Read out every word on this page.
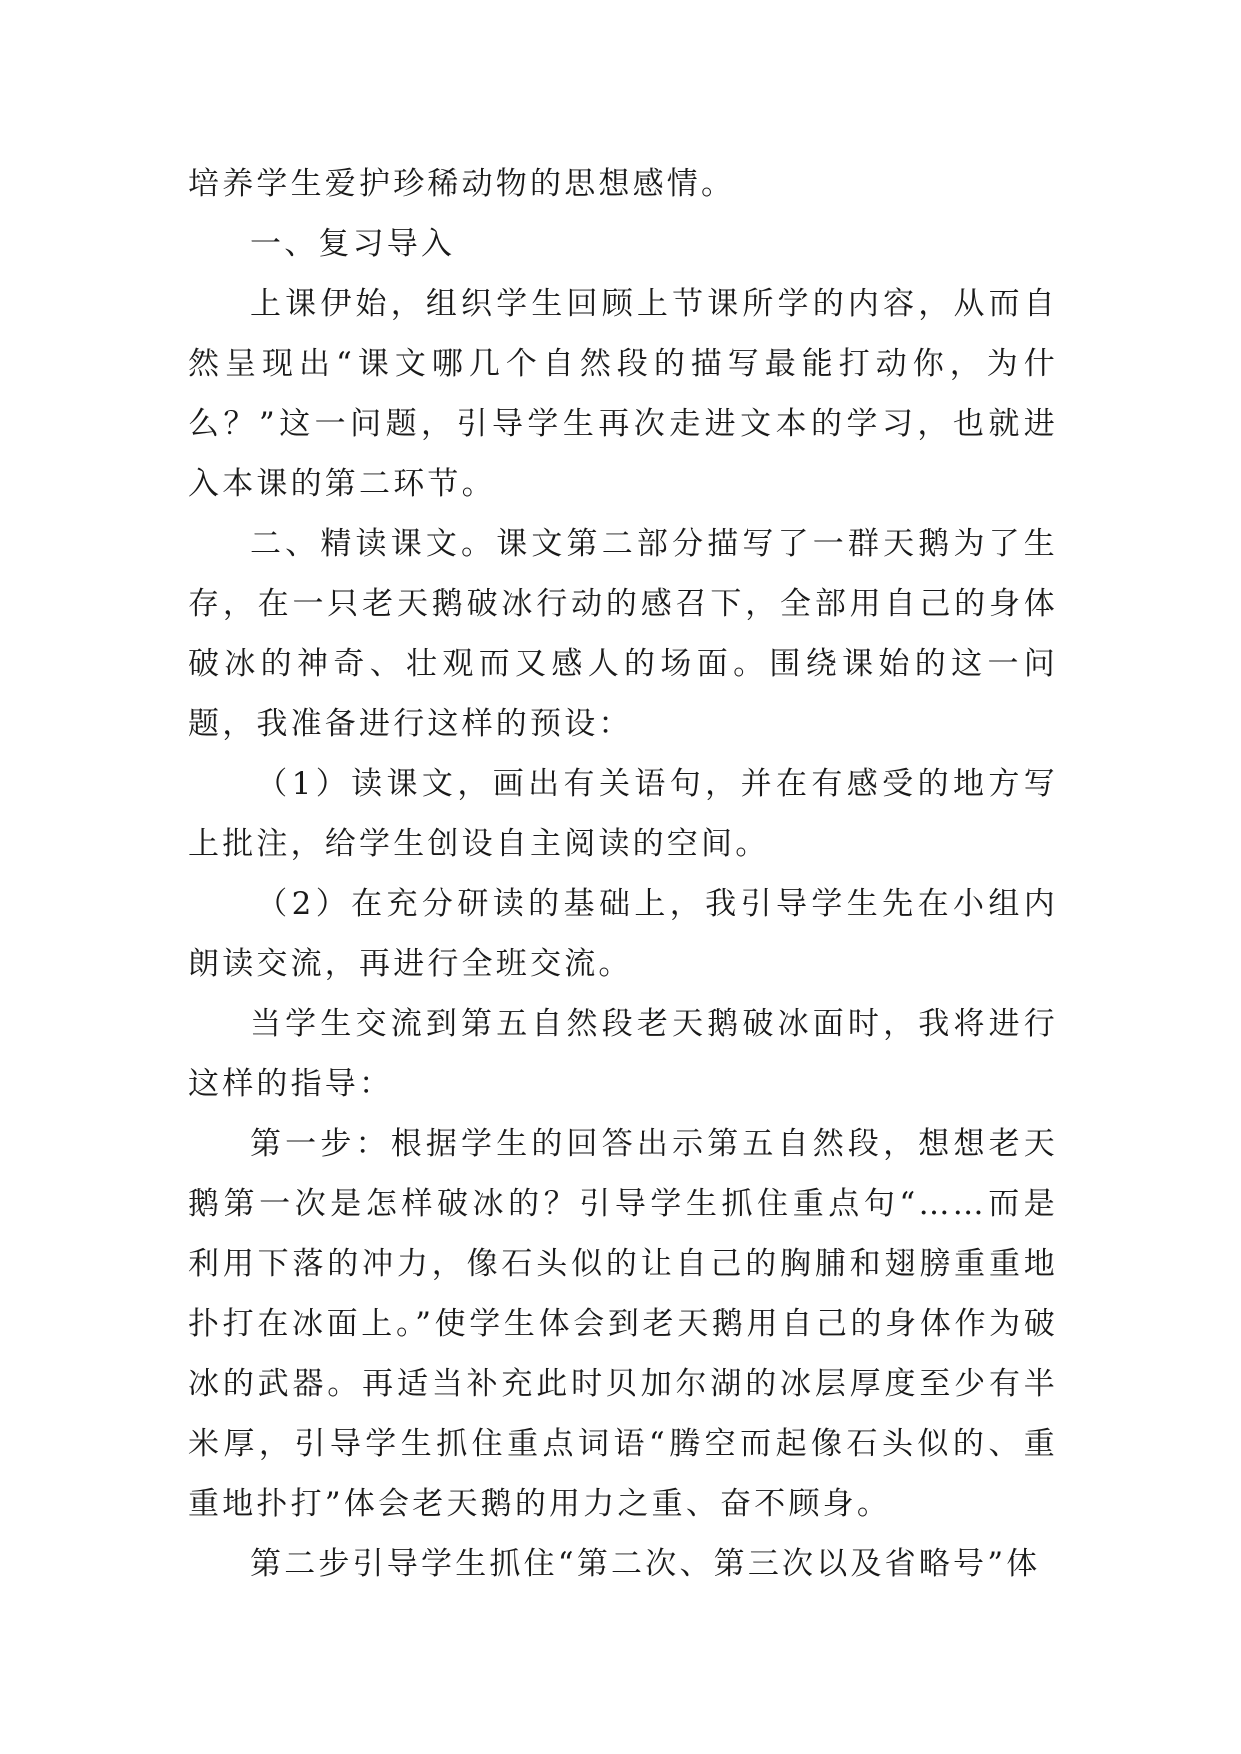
培养学生爱护珍稀动物的思想感情。

一、复习导入

上课伊始，组织学生回顾上节课所学的内容，从而自然呈现出“课文哪几个自然段的描写最能打动你，为什么？”这一问题，引导学生再次走进文本的学习，也就进入本课的第二环节。

二、精读课文。课文第二部分描写了一群天鹅为了生存，在一只老天鹅破冰行动的感召下，全部用自己的身体破冰的神奇、壮观而又感人的场面。围绕课始的这一问题，我准备进行这样的预设：

（1）读课文，画出有关语句，并在有感受的地方写上批注，给学生创设自主阅读的空间。

（2）在充分研读的基础上，我引导学生先在小组内朗读交流，再进行全班交流。

当学生交流到第五自然段老天鹅破冰面时，我将进行这样的指导：

第一步：根据学生的回答出示第五自然段，想想老天鹅第一次是怎样破冰的？引导学生抓住重点句“……而是利用下落的冲力，像石头似的让自己的胸脯和翅膀重重地扑打在冰面上。”使学生体会到老天鹅用自己的身体作为破冰的武器。再适当补充此时贝加尔湖的冰层厚度至少有半米厚，引导学生抓住重点词语“腾空而起像石头似的、重重地扑打”体会老天鹅的用力之重、奋不顾身。

第二步引导学生抓住“第二次、第三次以及省略号”体
